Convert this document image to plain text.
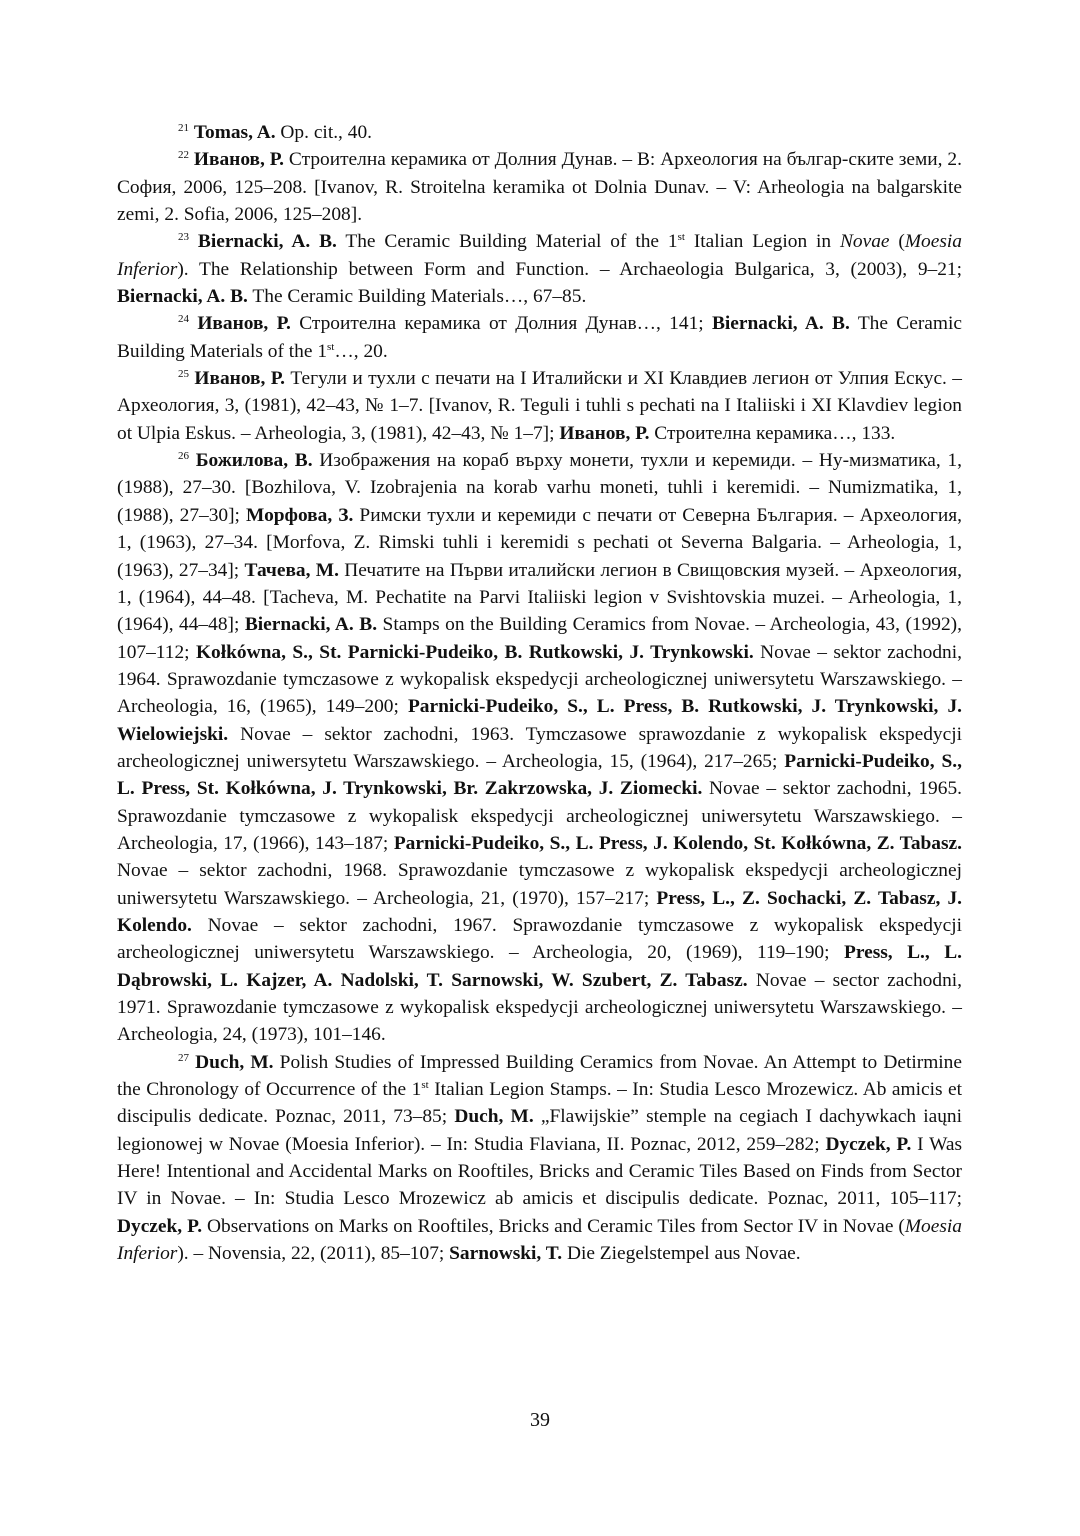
$^{21}$ Tomas, A. Op. cit., 40.

$^{22}$ Иванов, Р. Строителна керамика от Долния Дунав. – В: Археология на българ-ските земи, 2. София, 2006, 125–208. [Ivanov, R. Stroitelna keramika ot Dolnia Dunav. – V: Arheologia na balgarskite zemi, 2. Sofia, 2006, 125–208].

$^{23}$ Biernacki, A. B. The Ceramic Building Material of the 1st Italian Legion in Novae (Moesia Inferior). The Relationship between Form and Function. – Archaeologia Bulgarica, 3, (2003), 9–21; Biernacki, A. B. The Ceramic Building Materials…, 67–85.

$^{24}$ Иванов, Р. Строителна керамика от Долния Дунав…, 141; Biernacki, A. B. The Ceramic Building Materials of the 1st…, 20.

$^{25}$ Иванов, Р. Тегули и тухли с печати на I Италийски и XI Клавдиев легион от Улпия Ескус. – Археология, 3, (1981), 42–43, № 1–7. [Ivanov, R. Teguli i tuhli s pechati na I Italiiski i XI Klavdiev legion ot Ulpia Eskus. – Arheologia, 3, (1981), 42–43, № 1–7]; Иванов, Р. Строителна керамика…, 133.

$^{26}$ Божилова, В. Изображения на кораб върху монети, тухли и керемиди. – Ну-мизматика, 1, (1988), 27–30. [Bozhilova, V. Izobrajenia na korab varhu moneti, tuhli i keremidi. – Numizmatika, 1, (1988), 27–30]; Морфова, З. Римски тухли и керемиди с печати от Северна България. – Археология, 1, (1963), 27–34. [Morfova, Z. Rimski tuhli i keremidi s pechati ot Severna Balgaria. – Arheologia, 1, (1963), 27–34]; Тачева, М. Печатите на Първи италийски легион в Свищовския музей. – Археология, 1, (1964), 44–48. [Tacheva, M. Pechatite na Parvi Italiiski legion v Svishtovskia muzei. – Arheologia, 1, (1964), 44–48]; Biernacki, A. B. Stamps on the Building Ceramics from Novae. – Archeologia, 43, (1992), 107–112; Kołkówna, S., St. Parnicki-Pudeiko, B. Rutkowski, J. Trynkowski. Novae – sektor zachodni, 1964. Sprawozdanie tymczasowe z wykopalisk ekspedycji archeologicznej uniwersytetu Warszawskiego. – Archeologia, 16, (1965), 149–200; Parnicki-Pudeiko, S., L. Press, B. Rutkowski, J. Trynkowski, J. Wielowiejski. Novae – sektor zachodni, 1963. Tymczasowe sprawozdanie z wykopalisk ekspedycji archeologicznej uniwersytetu Warszawskiego. – Archeologia, 15, (1964), 217–265; Parnicki-Pudeiko, S., L. Press, St. Kołkówna, J. Trynkowski, Br. Zakrzowska, J. Ziomecki. Novae – sektor zachodni, 1965. Sprawozdanie tymczasowe z wykopalisk ekspedycji archeologicznej uniwersytetu Warszawskiego. – Archeologia, 17, (1966), 143–187; Parnicki-Pudeiko, S., L. Press, J. Kolendo, St. Kołkówna, Z. Tabasz. Novae – sektor zachodni, 1968. Sprawozdanie tymczasowe z wykopalisk ekspedycji archeologicznej uniwersytetu Warszawskiego. – Archeologia, 21, (1970), 157–217; Press, L., Z. Sochacki, Z. Tabasz, J. Kolendo. Novae – sektor zachodni, 1967. Sprawozdanie tymczasowe z wykopalisk ekspedycji archeologicznej uniwersytetu Warszawskiego. – Archeologia, 20, (1969), 119–190; Press, L., L. Dąbrowski, L. Kajzer, A. Nadolski, T. Sarnowski, W. Szubert, Z. Tabasz. Novae – sector zachodni, 1971. Sprawozdanie tymczasowe z wykopalisk ekspedycji archeologicznej uniwersytetu Warszawskiego. – Archeologia, 24, (1973), 101–146.

$^{27}$ Duch, M. Polish Studies of Impressed Building Ceramics from Novae. An Attempt to Detirmine the Chronology of Occurrence of the 1st Italian Legion Stamps. – In: Studia Lesco Mrozewicz. Ab amicis et discipulis dedicate. Poznac, 2011, 73–85; Duch, M. „Flawijskie” stemple na cegiach I dachywkach iaųni legionowej w Novae (Moesia Inferior). – In: Studia Flaviana, II. Poznac, 2012, 259–282; Dyczek, P. I Was Here! Intentional and Accidental Marks on Rooftiles, Bricks and Ceramic Tiles Based on Finds from Sector IV in Novae. – In: Studia Lesco Mrozewicz ab amicis et discipulis dedicate. Poznac, 2011, 105–117; Dyczek, P. Observations on Marks on Rooftiles, Bricks and Ceramic Tiles from Sector IV in Novae (Moesia Inferior). – Novensia, 22, (2011), 85–107; Sarnowski, T. Die Ziegelstempel aus Novae.

39
